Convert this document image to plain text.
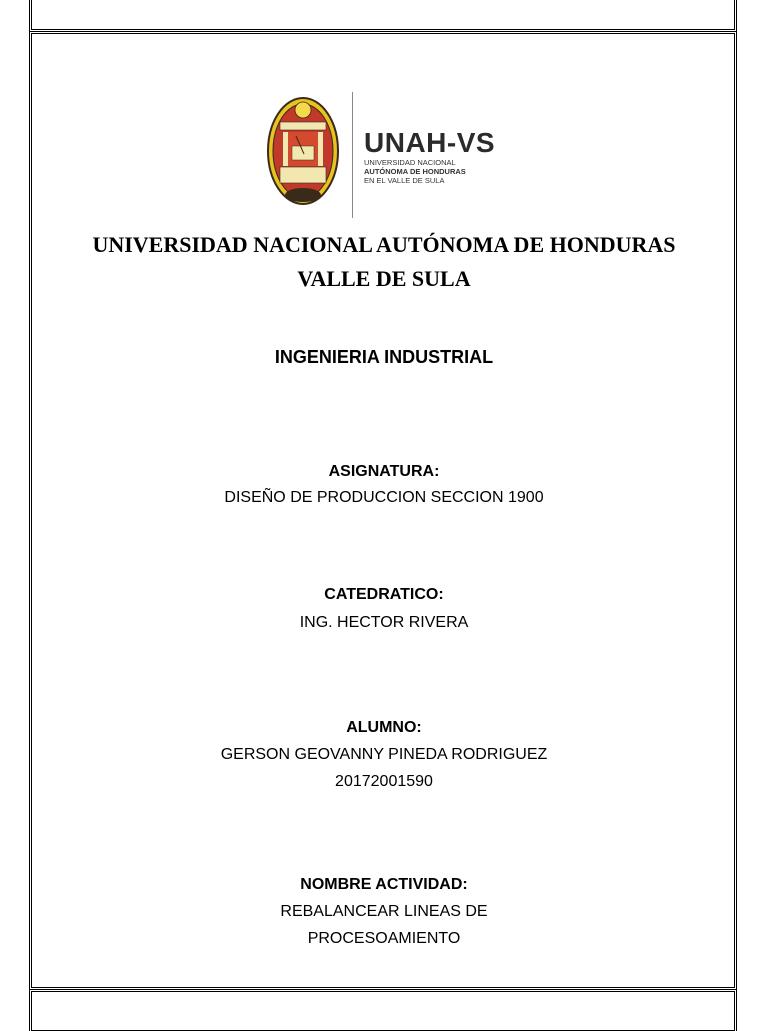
UNAH-VS
UNIVERSIDAD NACIONAL
AUTÓNOMA DE HONDURAS
EN EL VALLE DE SULA
UNIVERSIDAD NACIONAL AUTÓNOMA DE HONDURAS
VALLE DE SULA
INGENIERIA INDUSTRIAL
ASIGNATURA:
DISEÑO DE PRODUCCION SECCION 1900
CATEDRATICO:
ING. HECTOR RIVERA
ALUMNO:
GERSON GEOVANNY PINEDA RODRIGUEZ
20172001590
NOMBRE ACTIVIDAD:
REBALANCEAR LINEAS DE
PROCESOAMIENTO
